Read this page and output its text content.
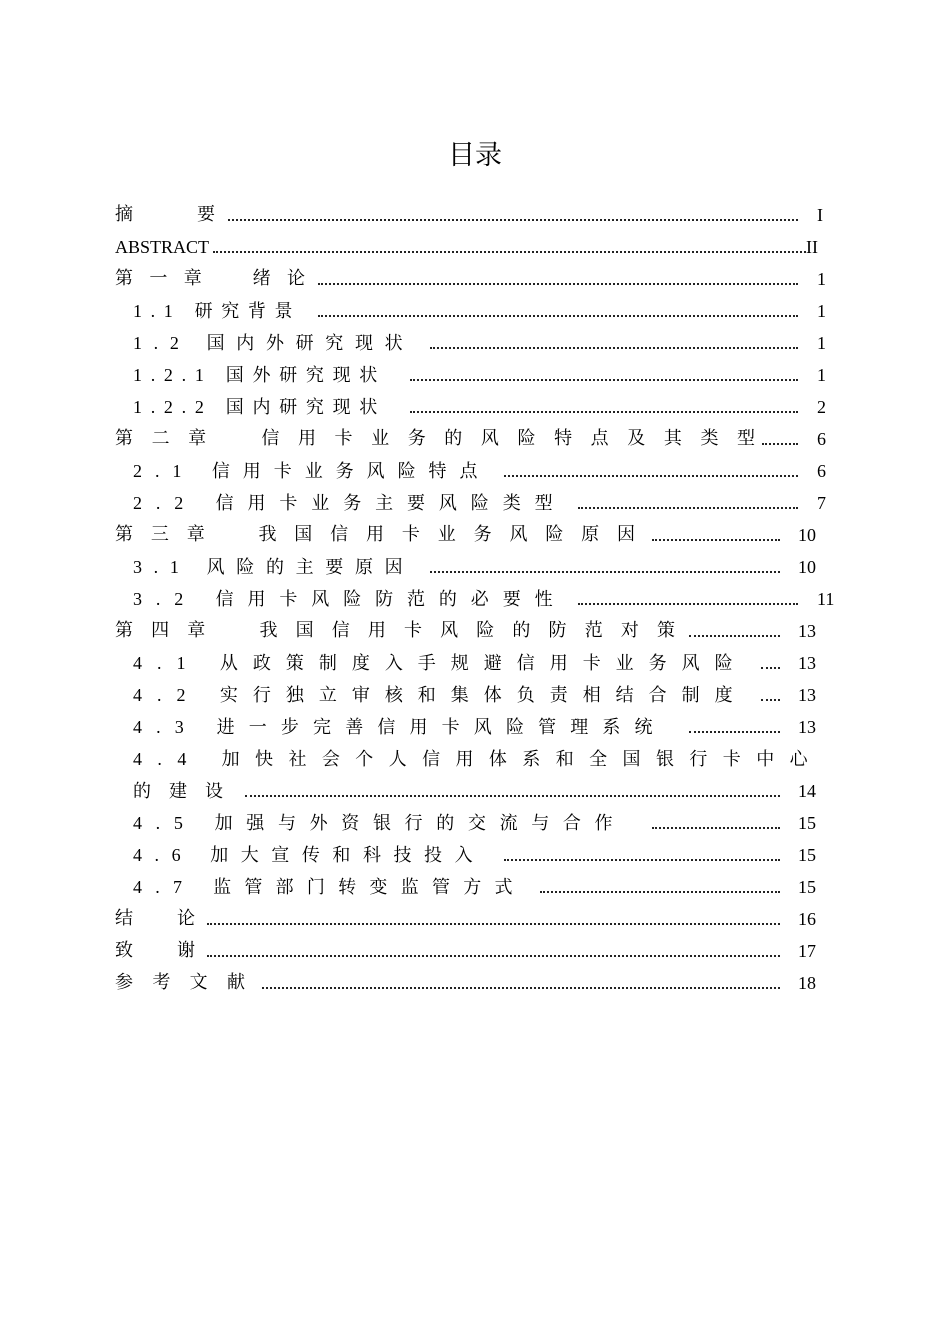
目录
摘　　要	I
ABSTRACT	II
第一章　绪论	1
1.1 研究背景	1
1.2 国内外研究现状	1
1.2.1 国外研究现状	1
1.2.2 国内研究现状	2
第二章　信用卡业务的风险特点及其类型 6
2.1 信用卡业务风险特点	6
2.2 信用卡业务主要风险类型	7
第三章　我国信用卡业务风险原因	10
3.1 风险的主要原因	10
3.2 信用卡风险防范的必要性	11
第四章　我国信用卡风险的防范对策	13
4.1 从政策制度入手规避信用卡业务风险	13
4.2 实行独立审核和集体负责相结合制度	13
4.3 进一步完善信用卡风险管理系统	13
4.4 加快社会个人信用体系和全国银行卡中心
的建设	14
4.5 加强与外资银行的交流与合作	15
4.6 加大宣传和科技投入	15
4.7 监管部门转变监管方式	15
结　论	16
致　谢	17
参考文献	18
